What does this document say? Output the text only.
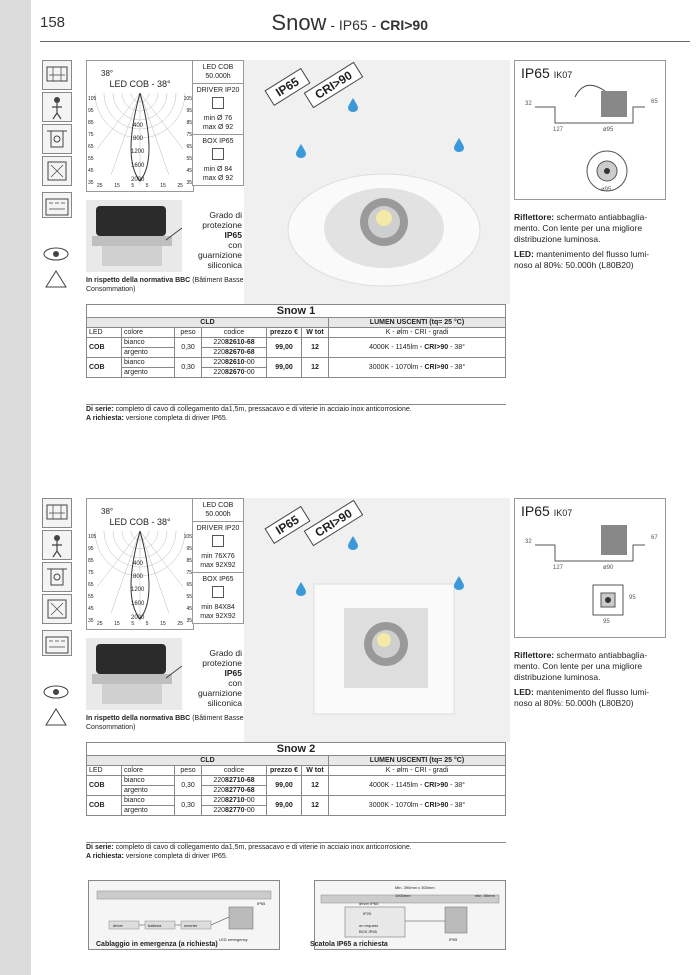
158	Snow - IP65 - CRI>90
38°
LED COB - 38°
400
800
1200
1600
2000
105
95
85
75
65
55
45
35
105
95
85
75
65
55
45
35
25 15 5 5 15 25
LED COB
50.000h
DRIVER IP20

min Ø 76
max Ø 92
BOX IP65

min Ø 84
max Ø 92
IP65 CRI>90
Grado di
protezione IP65
con guarnizione
siliconica
In rispetto della normativa BBC (Bâtiment Basse Consommation)
IP65 IK07
32
127	ø95
65
ø95

Riflettore: schermato antiabbaglia-mento. Con lente per una migliore distribuzione luminosa.

LED: mantenimento del flusso lumi-noso al 80%: 50.000h (L80B20)

Snow 1						
CLD						LUMEN USCENTI (tq= 25 °C)
LED	colore	peso	codice	prezzo €	W tot	K - ølm - CRI - gradi
COB	bianco	0,30	22082610-68	99,00	12	4000K - 1145lm - CRI>90 - 38°
	argento		22082670-68			
COB	bianco	0,30	22082610-00	99,00	12	3000K - 1070lm - CRI>90 - 38°
	argento		22082670-00			
Di serie: completo di cavo di collegamento da1,5m, pressacavo e di viterie in acciaio inox anticorrosione.
A richiesta: versione completa di driver IP65.
38°
LED COB - 38°
400
800
1200
1600
2000
105
95
85
75
65
55
45
35
105
95
85
75
65
55
45
35
25 15 5 5 15 25
LED COB
50.000h
DRIVER IP20

min 76X76
max 92X92
BOX IP65

min 84X84
max 92X92
IP65 CRI>90
Grado di
protezione IP65
con guarnizione
siliconica
In rispetto della normativa BBC (Bâtiment Basse Consommation)
IP65 IK07
32
127	ø90
67
95
95

Riflettore: schermato antiabbaglia-mento. Con lente per una migliore distribuzione luminosa.

LED: mantenimento del flusso lumi-noso al 80%: 50.000h (L80B20)

Snow 2						
CLD						LUMEN USCENTI (tq= 25 °C)
LED	colore	peso	codice	prezzo €	W tot	K - ølm - CRI - gradi
COB	bianco	0,30	22082710-68	99,00	12	4000K - 1145lm - CRI>90 - 38°
	argento		22082770-68			
COB	bianco	0,30	22082710-00	99,00	12	3000K - 1070lm - CRI>90 - 38°
	argento		22082770-00			
Di serie: completo di cavo di collegamento da1,5m, pressacavo e di viterie in acciaio inox anticorrosione.
A richiesta: versione completa di driver IP65.
driver	batteria	inverter
IP65
LED emergency
Cablaggio in emergenza (a richiesta)
Min. 390mm x 300mm
1000mm	min. 50mm
driver IP65
IP20
on request
BOX IP65
IP65
Scatola IP65 a richiesta
